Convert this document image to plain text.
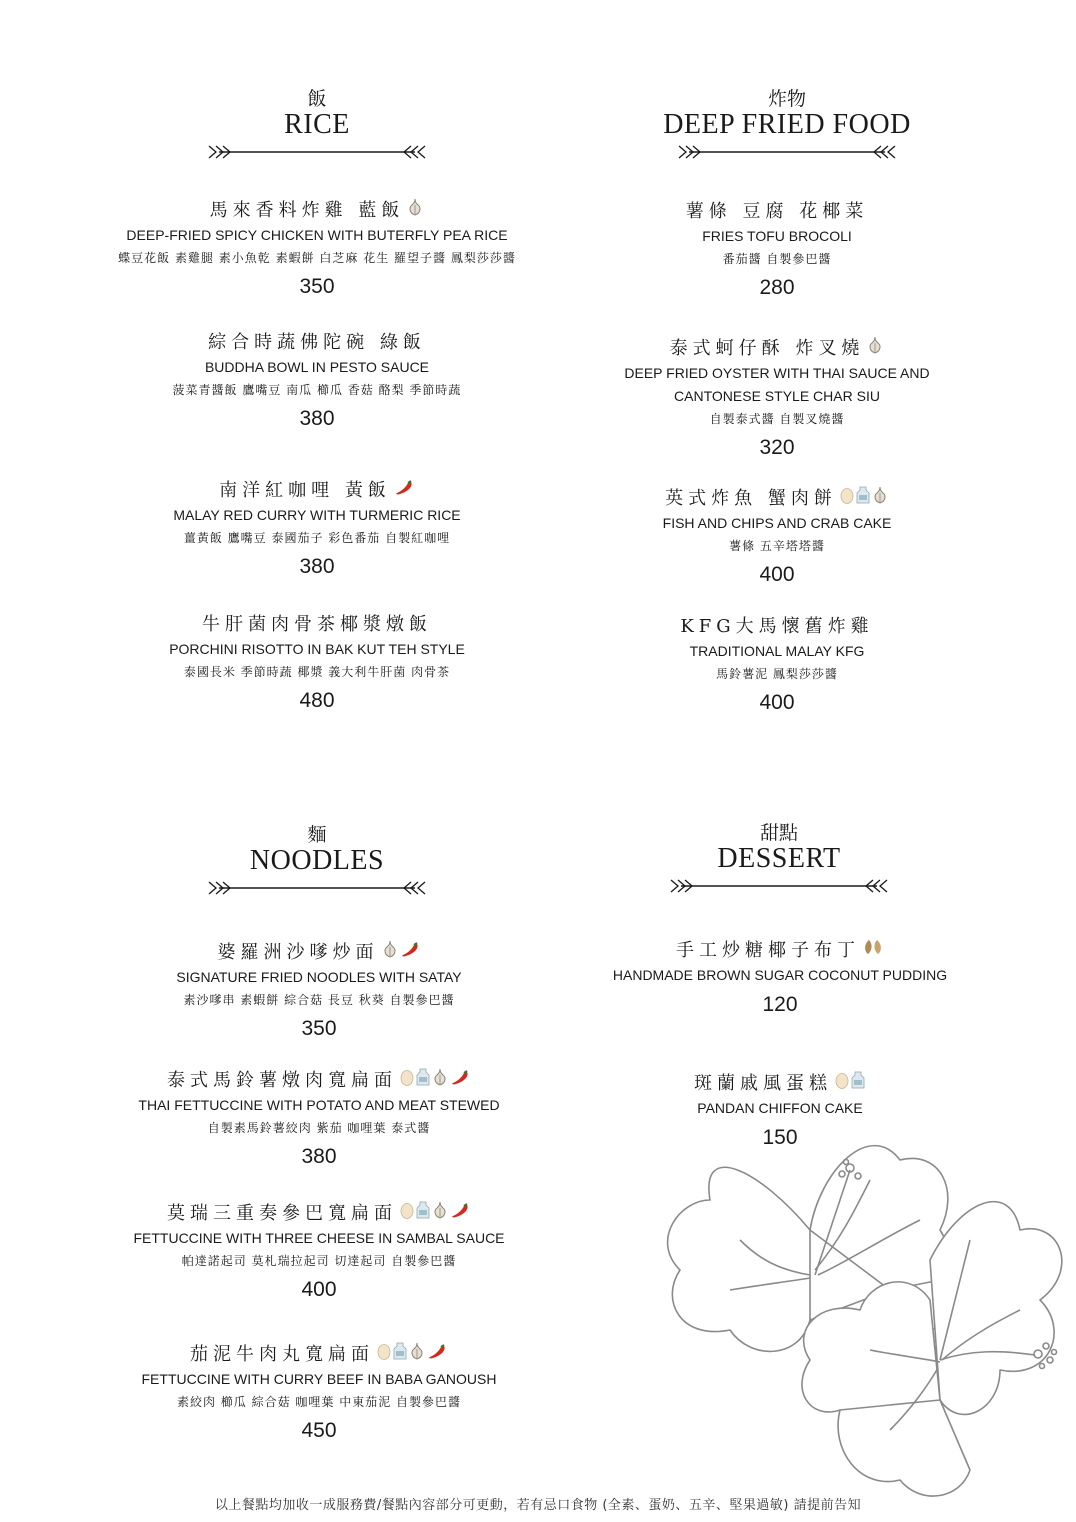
飯
RICE
馬來香料炸雞 藍飯
DEEP-FRIED SPICY CHICKEN WITH BUTERFLY PEA RICE
蝶豆花飯 素雞腿 素小魚乾 素蝦餅 白芝麻 花生 羅望子醬 鳳梨莎莎醬
350
綜合時蔬佛陀碗 綠飯
BUDDHA BOWL IN PESTO SAUCE
菠菜青醬飯 鷹嘴豆 南瓜 櫛瓜 香菇 酪梨 季節時蔬
380
南洋紅咖哩 黃飯
MALAY RED CURRY WITH TURMERIC RICE
薑黃飯 鷹嘴豆 泰國茄子 彩色番茄 自製紅咖哩
380
牛肝菌肉骨茶椰漿燉飯
PORCHINI RISOTTO IN BAK KUT TEH STYLE
泰國長米 季節時蔬 椰漿 義大利牛肝菌 肉骨茶
480
炸物
DEEP FRIED FOOD
薯條 豆腐 花椰菜
FRIES TOFU BROCOLI
番茄醬 自製參巴醬
280
泰式蚵仔酥 炸叉燒
DEEP FRIED OYSTER WITH THAI SAUCE AND
CANTONESE STYLE CHAR SIU
自製泰式醬 自製叉燒醬
320
英式炸魚 蟹肉餅
FISH AND CHIPS AND CRAB CAKE
薯條 五辛塔塔醬
400
KFG大馬懷舊炸雞
TRADITIONAL MALAY KFG
馬鈴薯泥 鳳梨莎莎醬
400
麵
NOODLES
婆羅洲沙嗲炒面
SIGNATURE FRIED NOODLES WITH SATAY
素沙嗲串 素蝦餅 綜合菇 長豆 秋葵 自製參巴醬
350
泰式馬鈴薯燉肉寬扁面
THAI FETTUCCINE WITH POTATO AND MEAT STEWED
自製素馬鈴薯絞肉 紫茄 咖哩葉 泰式醬
380
莫瑞三重奏參巴寬扁面
FETTUCCINE WITH THREE CHEESE IN SAMBAL SAUCE
帕達諾起司 莫札瑞拉起司 切達起司 自製參巴醬
400
茄泥牛肉丸寬扁面
FETTUCCINE WITH CURRY BEEF IN BABA GANOUSH
素絞肉 櫛瓜 綜合菇 咖哩葉 中東茄泥 自製參巴醬
450
甜點
DESSERT
手工炒糖椰子布丁
HANDMADE BROWN SUGAR COCONUT PUDDING
120
斑蘭戚風蛋糕
PANDAN CHIFFON CAKE
150
以上餐點均加收一成服務費/餐點內容部分可更動，若有忌口食物 (全素、蛋奶、五辛、堅果過敏) 請提前告知
